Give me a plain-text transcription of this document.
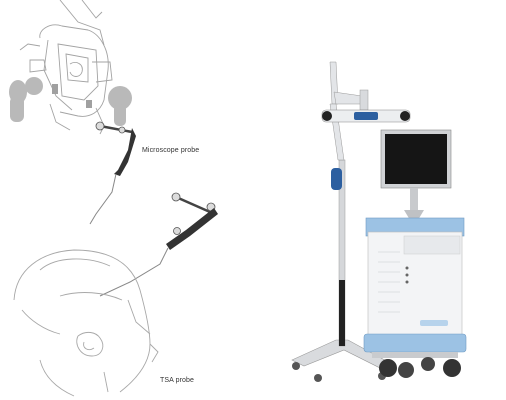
Microscope probe
TSA probe
